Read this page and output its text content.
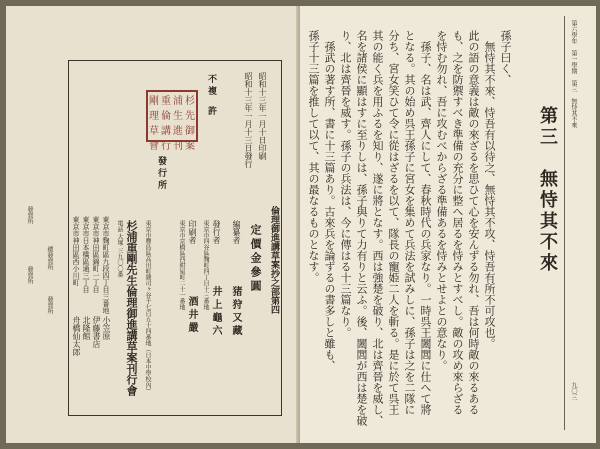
昭和十三年一月十日印刷
昭和十三年一月十三日發行
不 複
許
杉
浦
重
剛
先
生
倫
理
御
進
講
草
案
刊
行
會
倫理御進講草案抄之部第四
定價金參圓
編纂者
猪狩又藏
發行者
東京市四谷區麴町四丁目十三番地
井上龜六
印刷者
東京市京橋區西紺屋町二十一番地
酒井嚴
發行所
東京市豐島區高田町雜司ヶ谷千七百五十四番地（日本中學校內）
杉浦重剛先生倫理御進講草案刊行會
電話 大塚 三九〇〇番
東京市麴町區九段四丁目三番地
東京市神田區錦町一丁目
東京市日本橋區通三丁目
東京市神田區西小川町
小笠原
伊藤書店
北隆館
舟橋仙太郎
發賣所
總發賣所
發賣所
發賣所
第六學年　第一學期　第三　無恃其不來
第三　無恃其不來
九〇三
孫子曰く、
　無恃其不來、恃吾有以待之、無恃其不攻、恃吾有所不可攻也。
此の語の意義は敵の來ざるを思ひて心を安んずる勿れ、吾は何時敵の來るある
も、之を防禦すべき準備の充分に整へ居るを恃みとすべし。敵の攻め來らざる
を恃む勿れ、吾に攻むべからざる準備あるを恃みとせよとの意なり。
　孫子、名は武、齊人にして、春秋時代の兵家なり。一時呉王闔閭に仕へて將
となる。其の始め呉王孫子に宮女を集めて兵法を試みしに、孫子は之を二隊に
分ち、宮女笑ひて令に從はざるを以て、隊長の寵姫二人を斬る。是に於て呉王
其の能く兵を用ふるを知り、遂に將となす。西は強楚を破り、北は齊晉を威し、
名を諸侯に顯はすに至りしは、孫子與りて力有りと云ふ。後、闔閭が西は楚を破
り、北は齊晉を威す。孫子の兵法は、今に傳はる十三篇なり。
　孫武の著す所、書に十三篇あり。古來兵を論ずるの書多しと雖も、
孫子十三篇を推して以て、其の最なるものとなす。
